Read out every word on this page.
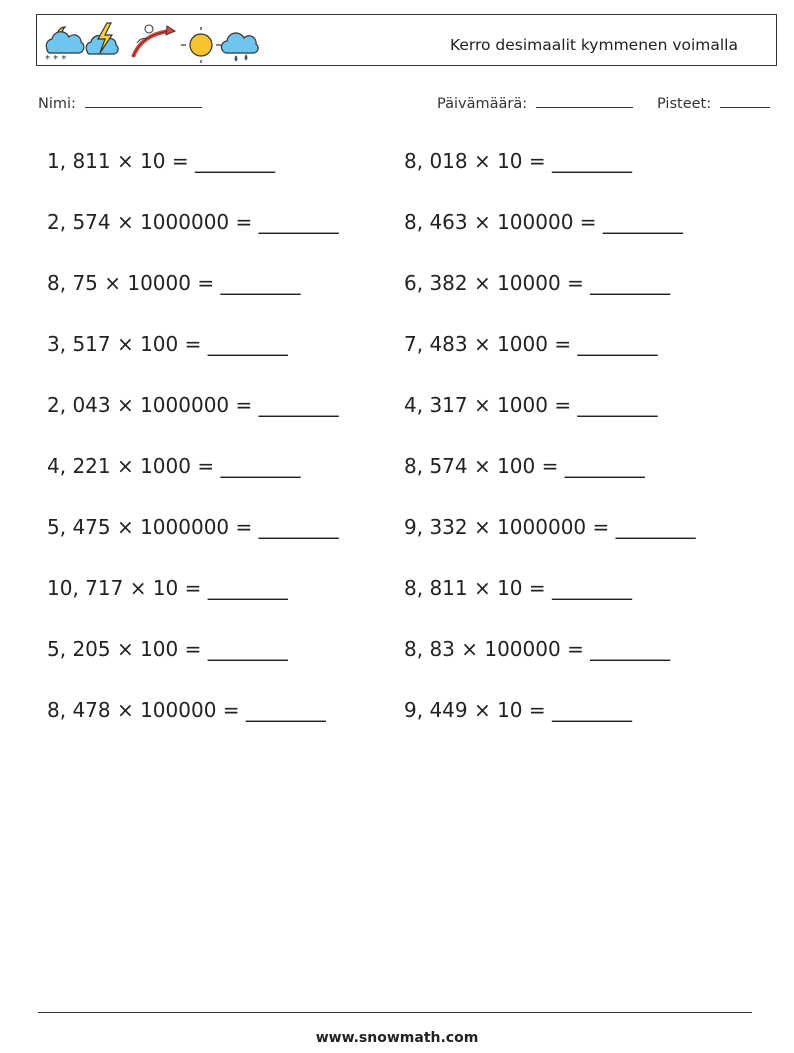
* * *
Kerro desimaalit kymmenen voimalla
Nimi:	Päivämäärä:	Pisteet:
1, 811 × 10 = ________	8, 018 × 10 = ________
2, 574 × 1000000 = ________	8, 463 × 100000 = ________
8, 75 × 10000 = ________	6, 382 × 10000 = ________
3, 517 × 100 = ________	7, 483 × 1000 = ________
2, 043 × 1000000 = ________	4, 317 × 1000 = ________
4, 221 × 1000 = ________	8, 574 × 100 = ________
5, 475 × 1000000 = ________	9, 332 × 1000000 = ________
10, 717 × 10 = ________	8, 811 × 10 = ________
5, 205 × 100 = ________	8, 83 × 100000 = ________
8, 478 × 100000 = ________	9, 449 × 10 = ________
www.snowmath.com
